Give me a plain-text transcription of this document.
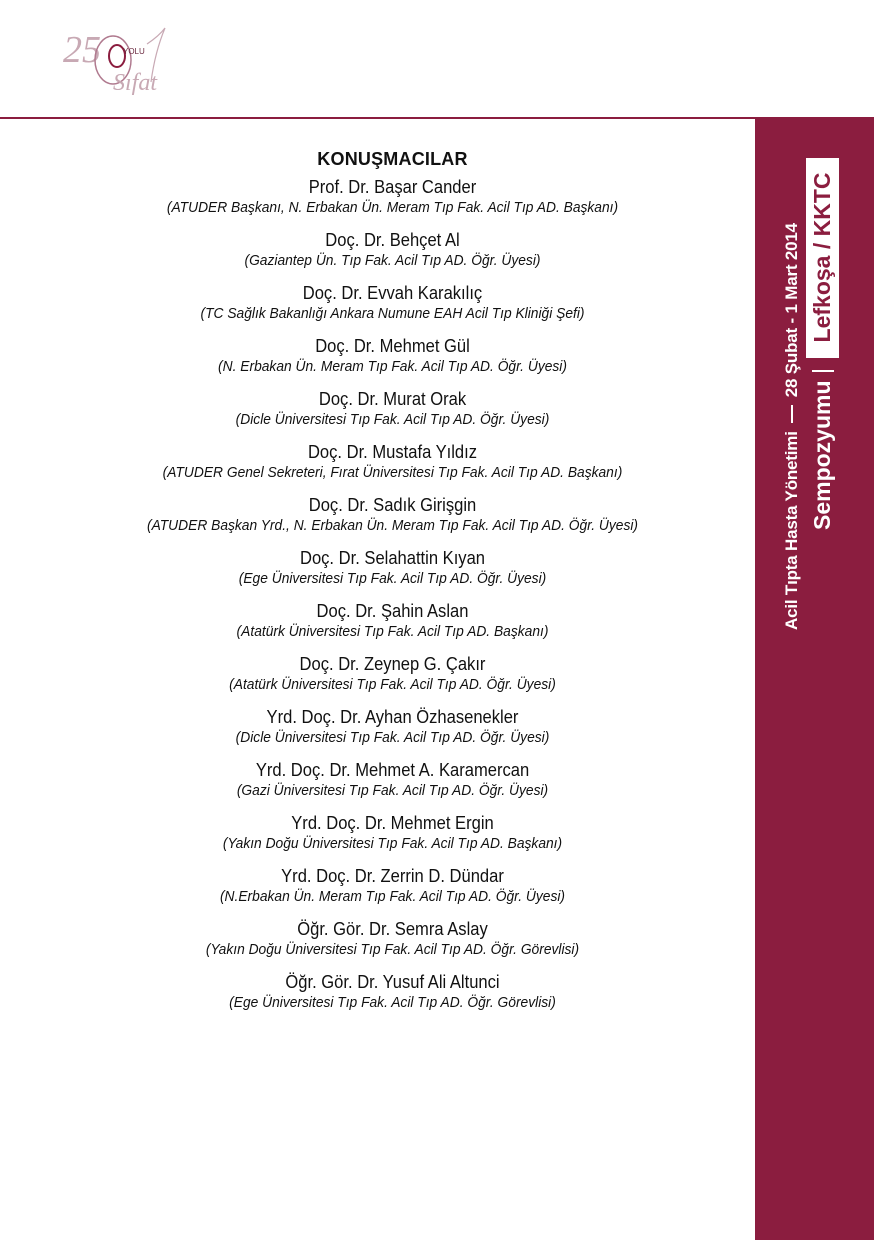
25	YOLU
Sıfat
Acil Tıpta Hasta Yönetimi
28 Şubat - 1 Mart 2014
Sempozyumu
Lefkoşa / KKTC
KONUŞMACILAR

Prof. Dr. Başar Cander

(ATUDER Başkanı, N. Erbakan Ün. Meram Tıp Fak. Acil Tıp AD. Başkanı)

Doç. Dr. Behçet Al

(Gaziantep Ün. Tıp Fak. Acil Tıp AD. Öğr. Üyesi)

Doç. Dr. Evvah Karakılıç

(TC Sağlık Bakanlığı Ankara Numune EAH Acil Tıp Kliniği Şefi)

Doç. Dr. Mehmet Gül

(N. Erbakan Ün. Meram Tıp Fak. Acil Tıp AD. Öğr. Üyesi)

Doç. Dr. Murat Orak

(Dicle Üniversitesi Tıp Fak. Acil Tıp AD. Öğr. Üyesi)

Doç. Dr. Mustafa Yıldız

(ATUDER Genel Sekreteri, Fırat Üniversitesi Tıp Fak. Acil Tıp AD. Başkanı)

Doç. Dr. Sadık Girişgin

(ATUDER Başkan Yrd., N. Erbakan Ün. Meram Tıp Fak. Acil Tıp AD. Öğr. Üyesi)

Doç. Dr. Selahattin Kıyan

(Ege Üniversitesi Tıp Fak. Acil Tıp AD. Öğr. Üyesi)

Doç. Dr. Şahin Aslan

(Atatürk Üniversitesi Tıp Fak. Acil Tıp AD. Başkanı)

Doç. Dr. Zeynep G. Çakır

(Atatürk Üniversitesi Tıp Fak. Acil Tıp AD. Öğr. Üyesi)

Yrd. Doç. Dr. Ayhan Özhasenekler

(Dicle Üniversitesi Tıp Fak. Acil Tıp AD. Öğr. Üyesi)

Yrd. Doç. Dr. Mehmet A. Karamercan

(Gazi Üniversitesi Tıp Fak. Acil Tıp AD. Öğr. Üyesi)

Yrd. Doç. Dr. Mehmet Ergin

(Yakın Doğu Üniversitesi Tıp Fak. Acil Tıp AD. Başkanı)

Yrd. Doç. Dr. Zerrin D. Dündar

(N.Erbakan Ün. Meram Tıp Fak. Acil Tıp AD. Öğr. Üyesi)

Öğr. Gör. Dr. Semra Aslay

(Yakın Doğu Üniversitesi Tıp Fak. Acil Tıp AD. Öğr. Görevlisi)

Öğr. Gör. Dr. Yusuf Ali Altunci

(Ege Üniversitesi Tıp Fak. Acil Tıp AD. Öğr. Görevlisi)
